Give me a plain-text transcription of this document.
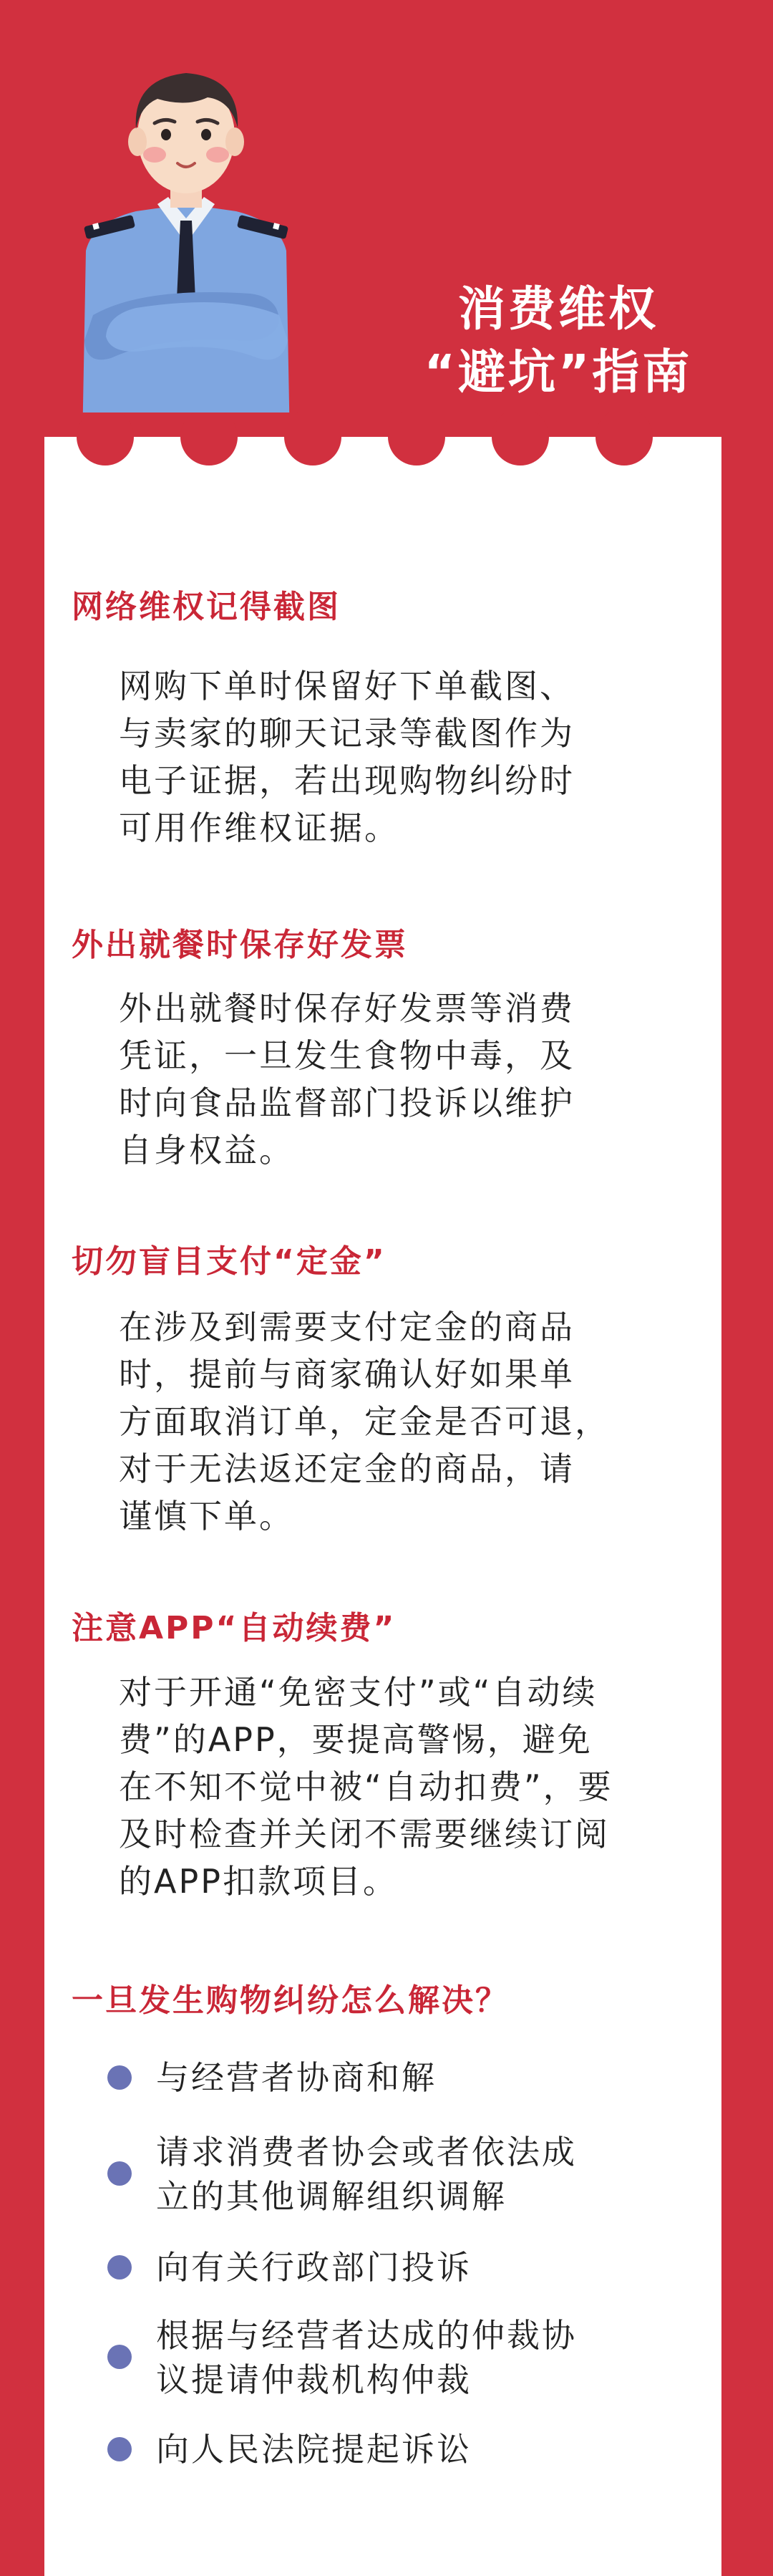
消费维权
“避坑”指南
网络维权记得截图
网购下单时保留好下单截图、
与卖家的聊天记录等截图作为
电子证据，若出现购物纠纷时
可用作维权证据。
外出就餐时保存好发票
外出就餐时保存好发票等消费
凭证，一旦发生食物中毒，及
时向食品监督部门投诉以维护
自身权益。
切勿盲目支付“定金”
在涉及到需要支付定金的商品
时，提前与商家确认好如果单
方面取消订单，定金是否可退，
对于无法返还定金的商品，请
谨慎下单。
注意APP“自动续费”
对于开通“免密支付”或“自动续
费”的APP，要提高警惕，避免
在不知不觉中被“自动扣费”，要
及时检查并关闭不需要继续订阅
的APP扣款项目。
一旦发生购物纠纷怎么解决？
与经营者协商和解
请求消费者协会或者依法成
立的其他调解组织调解
向有关行政部门投诉
根据与经营者达成的仲裁协
议提请仲裁机构仲裁
向人民法院提起诉讼
